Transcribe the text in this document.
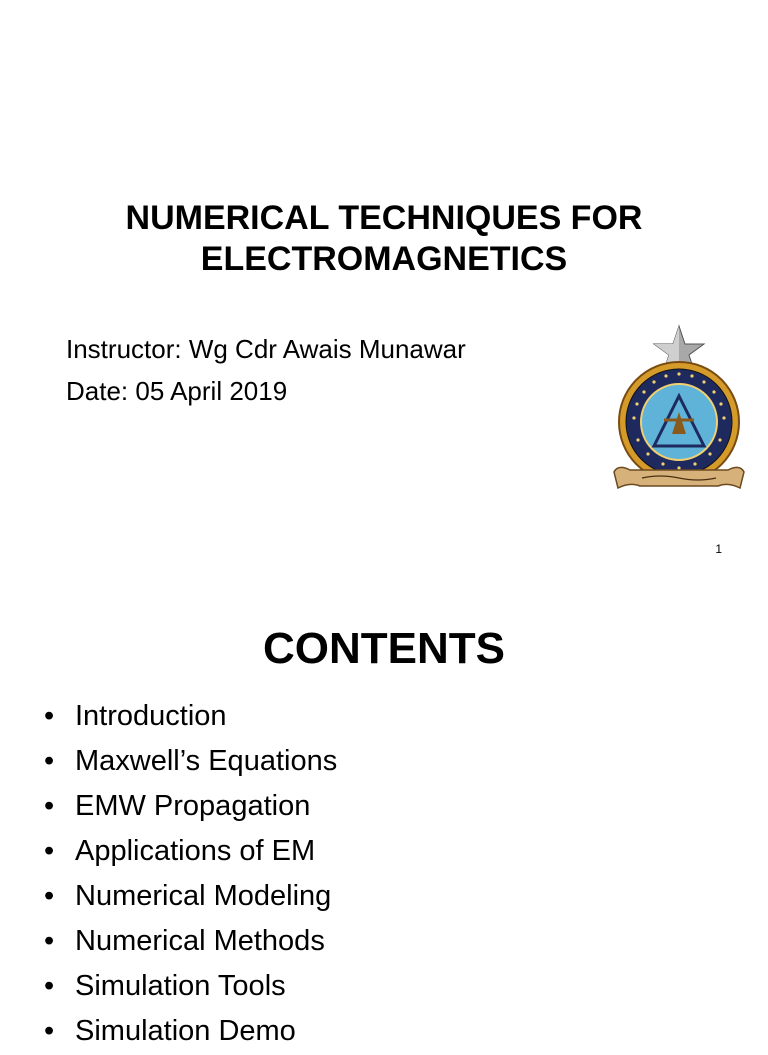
NUMERICAL TECHNIQUES FOR
ELECTROMAGNETICS
Instructor: Wg Cdr Awais Munawar
Date: 05 April 2019
1
CONTENTS
• Introduction
• Maxwell’s Equations
• EMW Propagation
• Applications of EM
• Numerical Modeling
• Numerical Methods
• Simulation Tools
• Simulation Demo
